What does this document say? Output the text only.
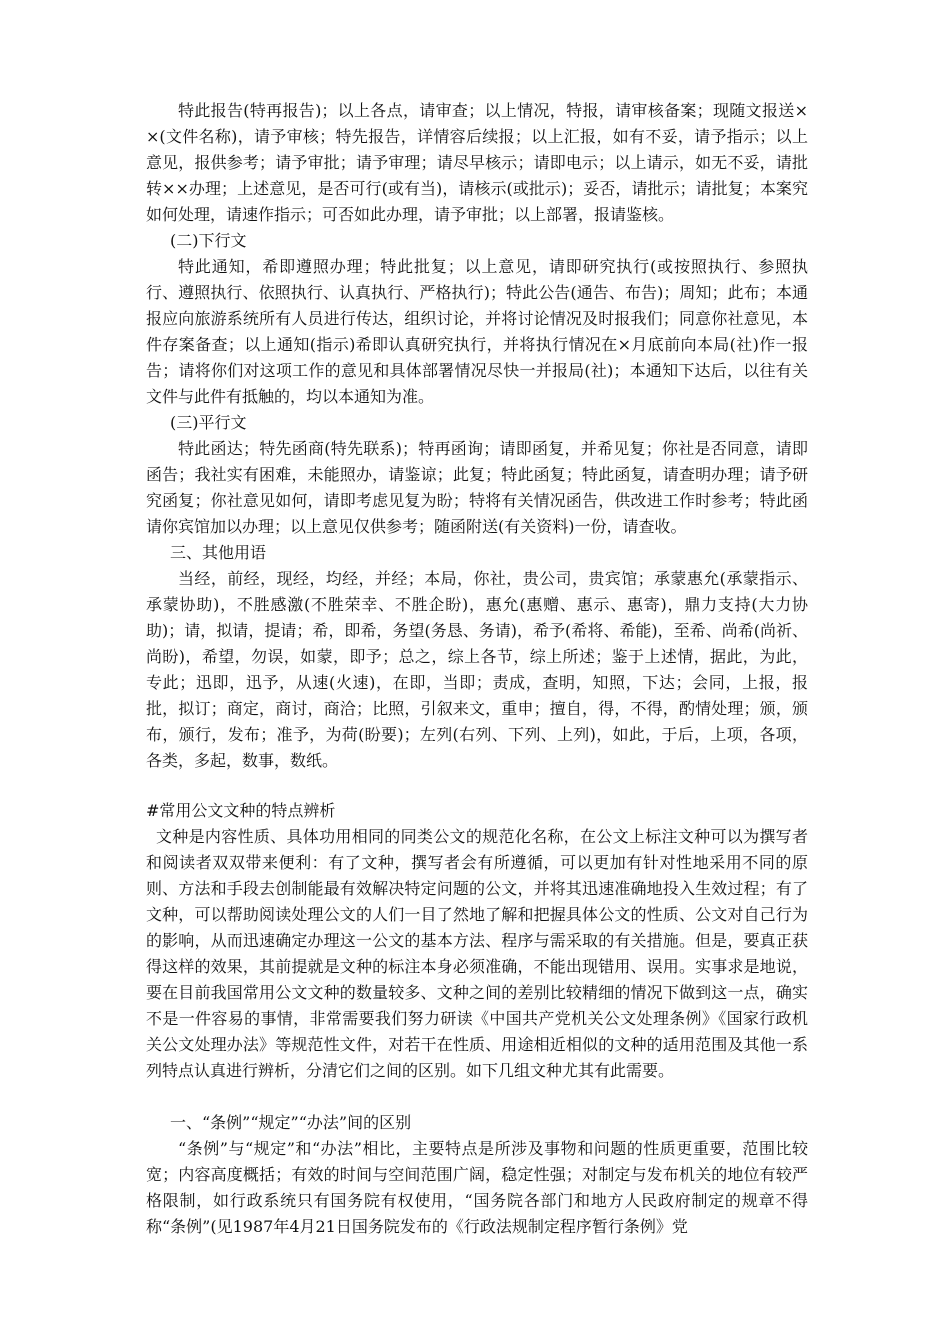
特此报告(特再报告)；以上各点，请审查；以上情况，特报，请审核备案；现随文报送××(文件名称)，请予审核；特先报告，详情容后续报；以上汇报，如有不妥，请予指示；以上意见，报供参考；请予审批；请予审理；请尽早核示；请即电示；以上请示，如无不妥，请批转××办理；上述意见，是否可行(或有当)，请核示(或批示)；妥否，请批示；请批复；本案究如何处理，请速作指示；可否如此办理，请予审批；以上部署，报请鉴核。

(二)下行文

特此通知，希即遵照办理；特此批复；以上意见，请即研究执行(或按照执行、参照执行、遵照执行、依照执行、认真执行、严格执行)；特此公告(通告、布告)；周知；此布；本通报应向旅游系统所有人员进行传达，组织讨论，并将讨论情况及时报我们；同意你社意见，本件存案备查；以上通知(指示)希即认真研究执行，并将执行情况在×月底前向本局(社)作一报告；请将你们对这项工作的意见和具体部署情况尽快一并报局(社)；本通知下达后，以往有关文件与此件有抵触的，均以本通知为准。

(三)平行文

特此函达；特先函商(特先联系)；特再函询；请即函复，并希见复；你社是否同意，请即函告；我社实有困难，未能照办，请鉴谅；此复；特此函复；特此函复，请查明办理；请予研究函复；你社意见如何，请即考虑见复为盼；特将有关情况函告，供改进工作时参考；特此函请你宾馆加以办理；以上意见仅供参考；随函附送(有关资料)一份，请查收。

三、其他用语

当经，前经，现经，均经，并经；本局，你社，贵公司，贵宾馆；承蒙惠允(承蒙指示、承蒙协助)，不胜感激(不胜荣幸、不胜企盼)，惠允(惠赠、惠示、惠寄)，鼎力支持(大力协助)；请，拟请，提请；希，即希，务望(务恳、务请)，希予(希将、希能)，至希、尚希(尚祈、尚盼)，希望，勿误，如蒙，即予；总之，综上各节，综上所述；鉴于上述情，据此，为此，专此；迅即，迅予，从速(火速)，在即，当即；责成，查明，知照，下达；会同，上报，报批，拟订；商定，商讨，商洽；比照，引叙来文，重申；擅自，得，不得，酌情处理；颁，颁布，颁行，发布；准予，为荷(盼要)；左列(右列、下列、上列)，如此，于后，上项，各项，各类，多起，数事，数纸。

#常用公文文种的特点辨析

文种是内容性质、具体功用相同的同类公文的规范化名称，在公文上标注文种可以为撰写者和阅读者双双带来便利：有了文种，撰写者会有所遵循，可以更加有针对性地采用不同的原则、方法和手段去创制能最有效解决特定问题的公文，并将其迅速准确地投入生效过程；有了文种，可以帮助阅读处理公文的人们一目了然地了解和把握具体公文的性质、公文对自己行为的影响，从而迅速确定办理这一公文的基本方法、程序与需采取的有关措施。但是，要真正获得这样的效果，其前提就是文种的标注本身必须准确，不能出现错用、误用。实事求是地说，要在目前我国常用公文文种的数量较多、文种之间的差别比较精细的情况下做到这一点，确实不是一件容易的事情，非常需要我们努力研读《中国共产党机关公文处理条例》《国家行政机关公文处理办法》等规范性文件，对若干在性质、用途相近相似的文种的适用范围及其他一系列特点认真进行辨析，分清它们之间的区别。如下几组文种尤其有此需要。

一、“条例”“规定”“办法”间的区别

“条例”与“规定”和“办法”相比，主要特点是所涉及事物和问题的性质更重要，范围比较宽；内容高度概括；有效的时间与空间范围广阔，稳定性强；对制定与发布机关的地位有较严格限制，如行政系统只有国务院有权使用，“国务院各部门和地方人民政府制定的规章不得称“条例”(见1987年4月21日国务院发布的《行政法规制定程序暂行条例》党
